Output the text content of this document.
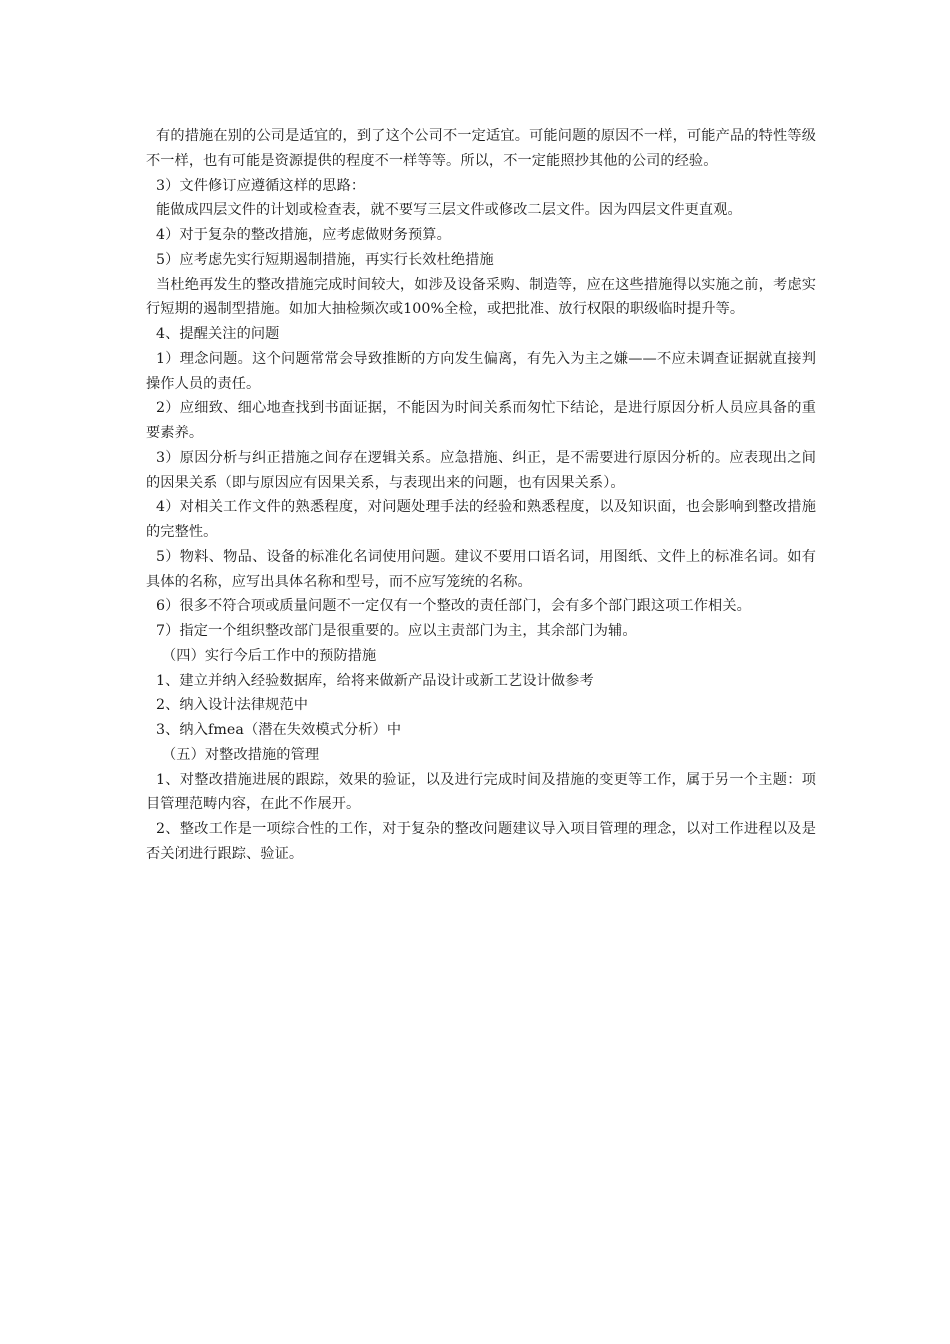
有的措施在别的公司是适宜的，到了这个公司不一定适宜。可能问题的原因不一样，可能产品的特性等级不一样，也有可能是资源提供的程度不一样等等。所以，不一定能照抄其他的公司的经验。

3）文件修订应遵循这样的思路：

能做成四层文件的计划或检查表，就不要写三层文件或修改二层文件。因为四层文件更直观。

4）对于复杂的整改措施，应考虑做财务预算。

5）应考虑先实行短期遏制措施，再实行长效杜绝措施

当杜绝再发生的整改措施完成时间较大，如涉及设备采购、制造等，应在这些措施得以实施之前，考虑实行短期的遏制型措施。如加大抽检频次或100%全检，或把批准、放行权限的职级临时提升等。

4、提醒关注的问题

1）理念问题。这个问题常常会导致推断的方向发生偏离，有先入为主之嫌——不应未调查证据就直接判操作人员的责任。

2）应细致、细心地查找到书面证据，不能因为时间关系而匆忙下结论，是进行原因分析人员应具备的重要素养。

3）原因分析与纠正措施之间存在逻辑关系。应急措施、纠正，是不需要进行原因分析的。应表现出之间的因果关系（即与原因应有因果关系，与表现出来的问题，也有因果关系）。

4）对相关工作文件的熟悉程度，对问题处理手法的经验和熟悉程度，以及知识面，也会影响到整改措施的完整性。

5）物料、物品、设备的标准化名词使用问题。建议不要用口语名词，用图纸、文件上的标准名词。如有具体的名称，应写出具体名称和型号，而不应写笼统的名称。

6）很多不符合项或质量问题不一定仅有一个整改的责任部门，会有多个部门跟这项工作相关。

7）指定一个组织整改部门是很重要的。应以主责部门为主，其余部门为辅。

（四）实行今后工作中的预防措施

1、建立并纳入经验数据库，给将来做新产品设计或新工艺设计做参考

2、纳入设计法律规范中

3、纳入fmea（潜在失效模式分析）中

（五）对整改措施的管理

1、对整改措施进展的跟踪，效果的验证，以及进行完成时间及措施的变更等工作，属于另一个主题：项目管理范畴内容，在此不作展开。

2、整改工作是一项综合性的工作，对于复杂的整改问题建议导入项目管理的理念，以对工作进程以及是否关闭进行跟踪、验证。
